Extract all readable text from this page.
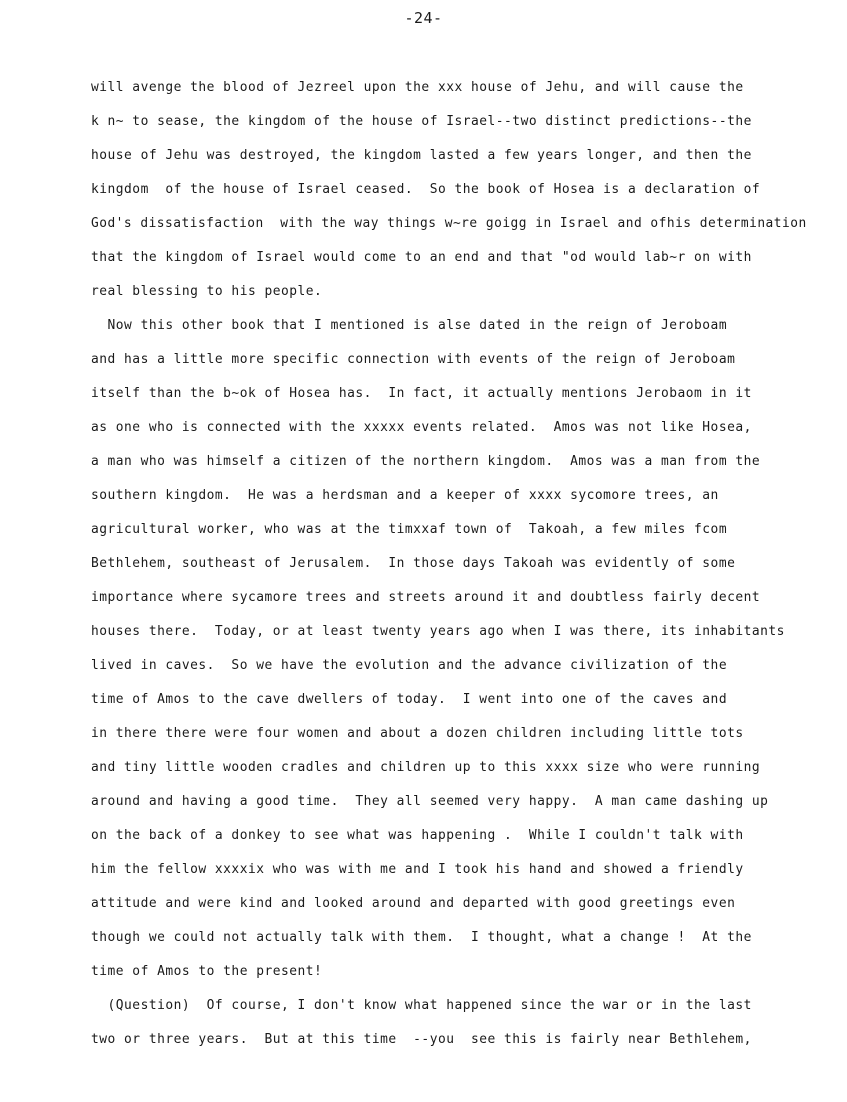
-24-
will avenge the blood of Jezreel upon the xxx house of Jehu, and will cause the
k n~ to sease, the kingdom of the house of Israel--two distinct predictions--the
house of Jehu was destroyed, the kingdom lasted a few years longer, and then the
kingdom  of the house of Israel ceased.  So the book of Hosea is a declaration of
God's dissatisfaction  with the way things w~re goigg in Israel and ofhis determination
that the kingdom of Israel would come to an end and that "od would lab~r on with
real blessing to his people.
Now this other book that I mentioned is alse dated in the reign of Jeroboam
and has a little more specific connection with events of the reign of Jeroboam
itself than the b~ok of Hosea has.  In fact, it actually mentions Jerobaom in it
as one who is connected with the xxxxx events related.  Amos was not like Hosea,
a man who was himself a citizen of the northern kingdom.  Amos was a man from the
southern kingdom.  He was a herdsman and a keeper of xxxx sycomore trees, an
agricultural worker, who was at the timxxaf town of  Takoah, a few miles fcom
Bethlehem, southeast of Jerusalem.  In those days Takoah was evidently of some
importance where sycamore trees and streets around it and doubtless fairly decent
houses there.  Today, or at least twenty years ago when I was there, its inhabitants
lived in caves.  So we have the evolution and the advance civilization of the
time of Amos to the cave dwellers of today.  I went into one of the caves and
in there there were four women and about a dozen children including little tots
and tiny little wooden cradles and children up to this xxxx size who were running
around and having a good time.  They all seemed very happy.  A man came dashing up
on the back of a donkey to see what was happening .  While I couldn't talk with
him the fellow xxxxix who was with me and I took his hand and showed a friendly
attitude and were kind and looked around and departed with good greetings even
though we could not actually talk with them.  I thought, what a change !  At the
time of Amos to the present!
(Question)  Of course, I don't know what happened since the war or in the last
two or three years.  But at this time  --you  see this is fairly near Bethlehem,
